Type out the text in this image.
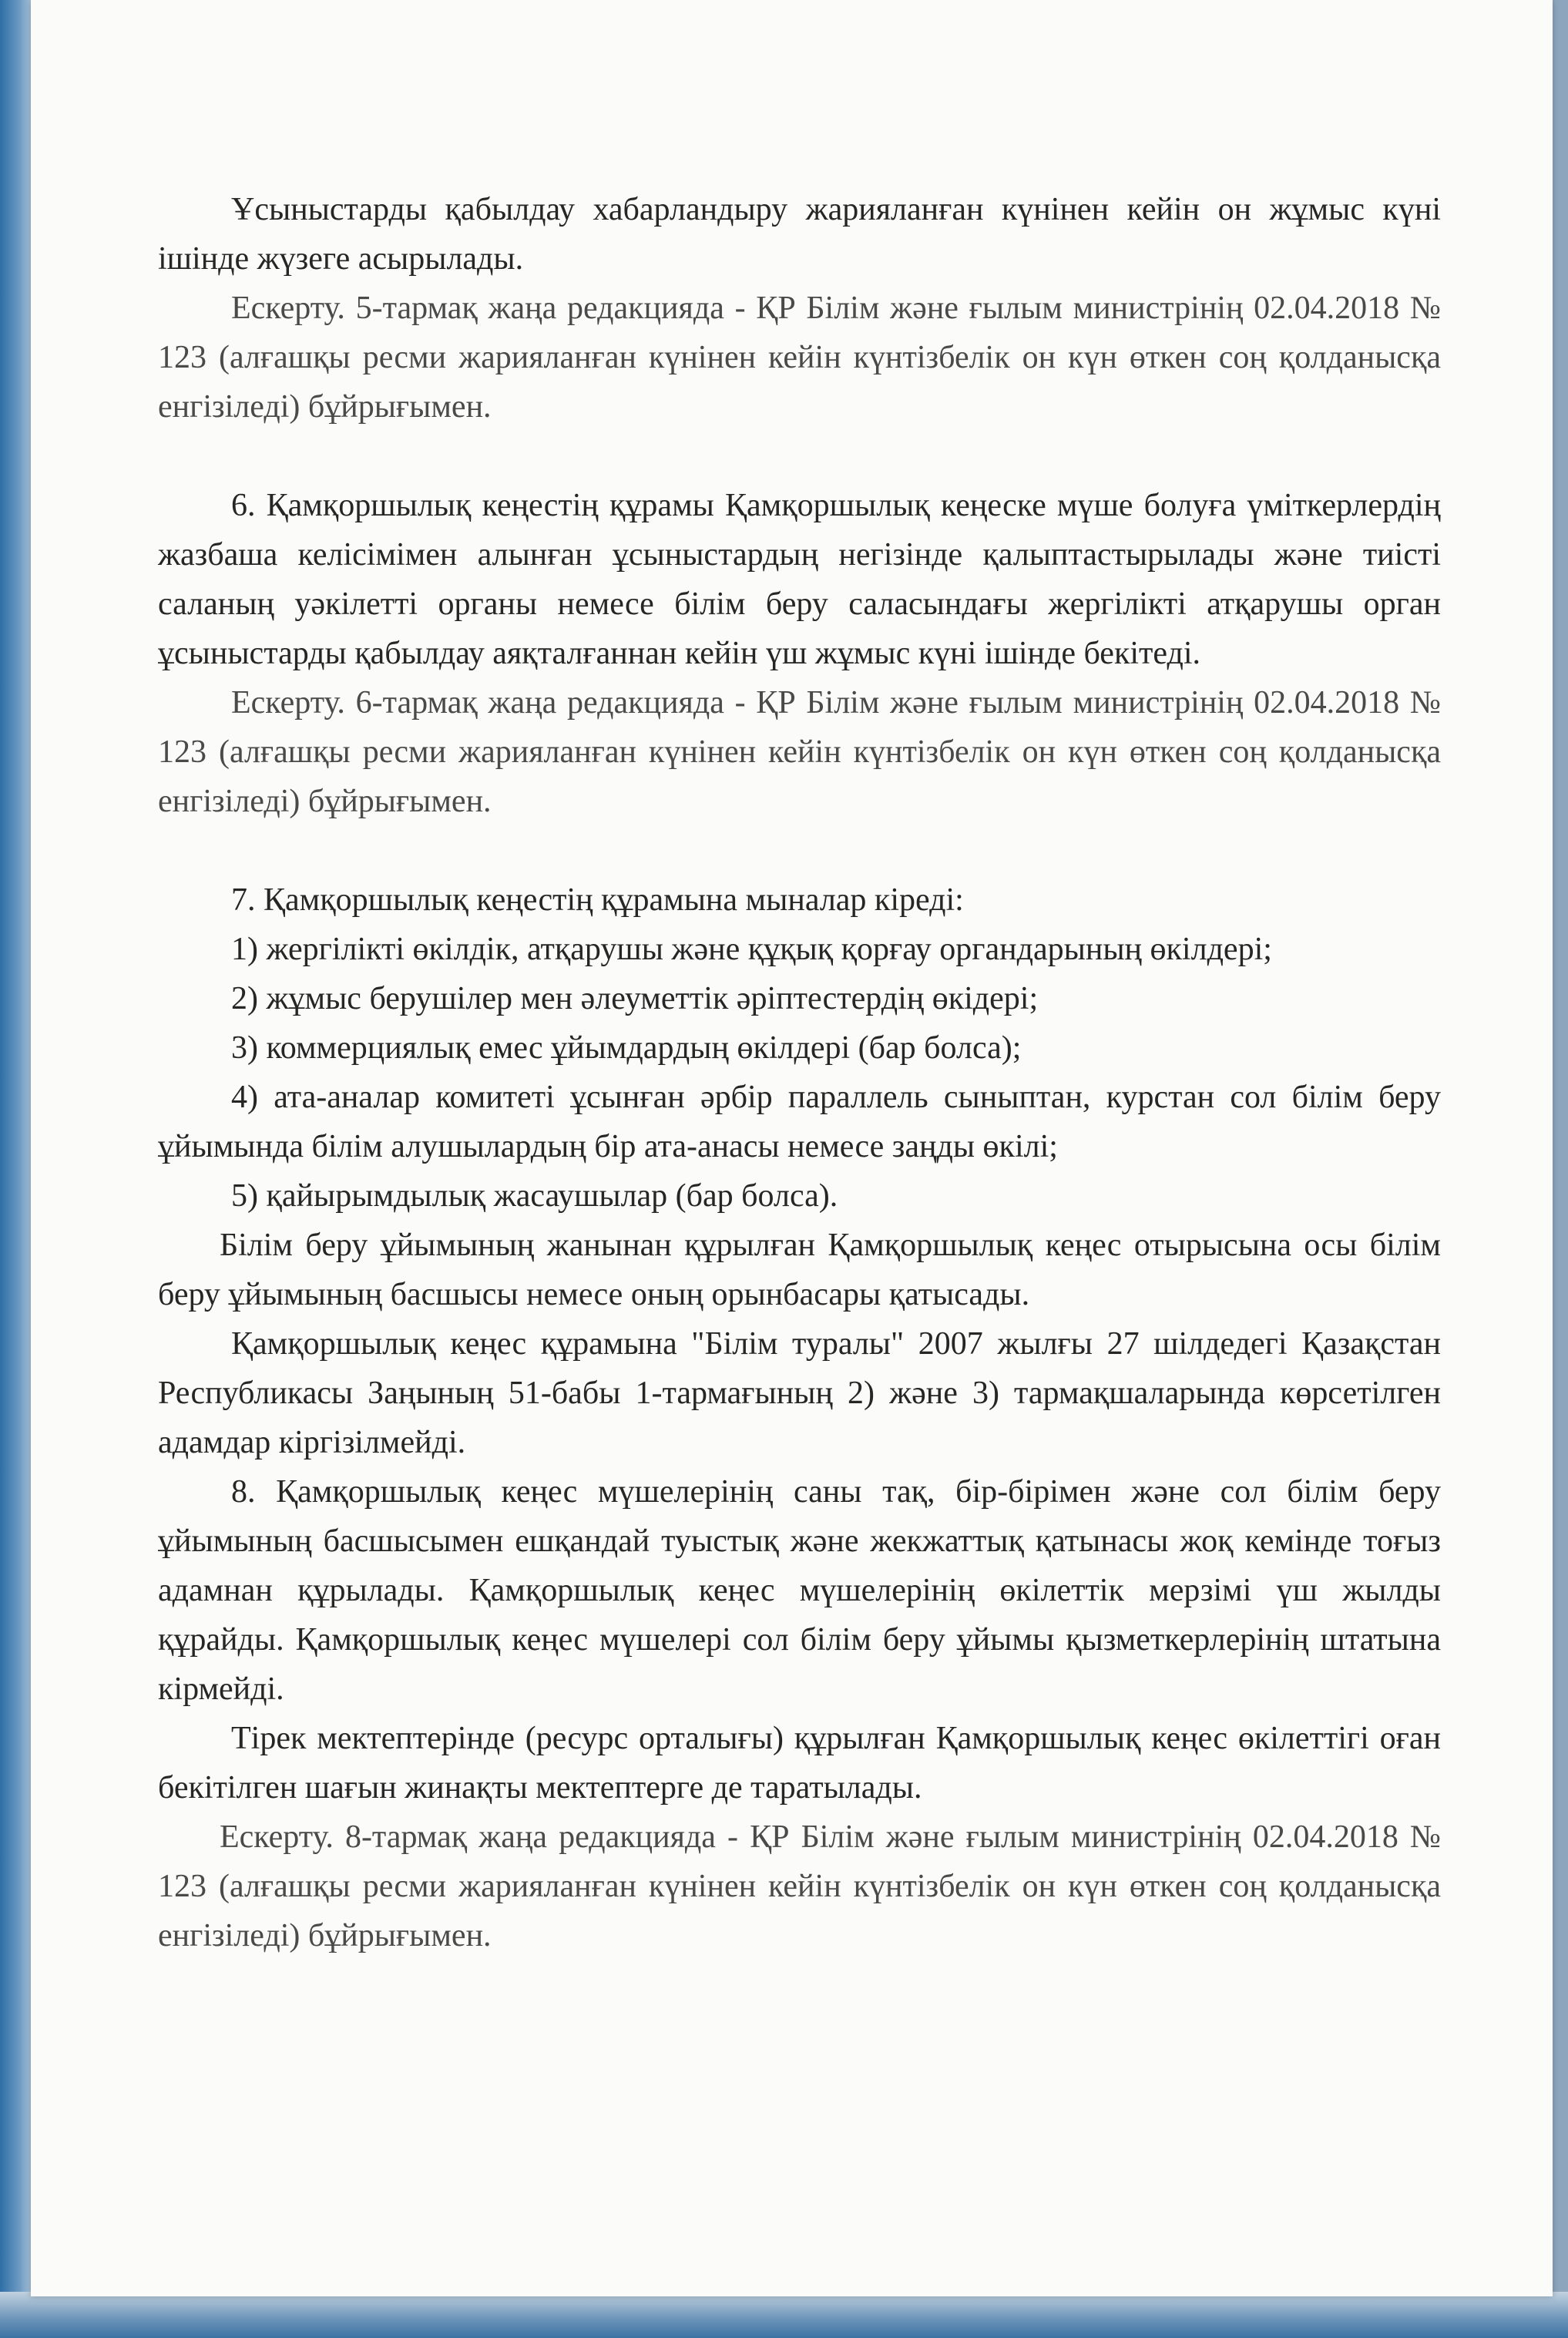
Ұсыныстарды қабылдау хабарландыру жарияланған күнінен кейін он жұмыс күні ішінде жүзеге асырылады.

Ескерту. 5-тармақ жаңа редакцияда - ҚР Білім және ғылым министрінің 02.04.2018 № 123 (алғашқы ресми жарияланған күнінен кейін күнтізбелік он күн өткен соң қолданысқа енгізіледі) бұйрығымен.

6. Қамқоршылық кеңестің құрамы Қамқоршылық кеңеске мүше болуға үміткерлердің жазбаша келісімімен алынған ұсыныстардың негізінде қалыптастырылады және тиісті саланың уәкілетті органы немесе білім беру саласындағы жергілікті атқарушы орган ұсыныстарды қабылдау аяқталғаннан кейін үш жұмыс күні ішінде бекітеді.

Ескерту. 6-тармақ жаңа редакцияда - ҚР Білім және ғылым министрінің 02.04.2018 № 123 (алғашқы ресми жарияланған күнінен кейін күнтізбелік он күн өткен соң қолданысқа енгізіледі) бұйрығымен.

7. Қамқоршылық кеңестің құрамына мыналар кіреді:

1) жергілікті өкілдік, атқарушы және құқық қорғау органдарының өкілдері;

2) жұмыс берушілер мен әлеуметтік әріптестердің өкідері;

3) коммерциялық емес ұйымдардың өкілдері (бар болса);

4) ата-аналар комитеті ұсынған әрбір параллель сыныптан, курстан сол білім беру ұйымында білім алушылардың бір ата-анасы немесе заңды өкілі;

5) қайырымдылық жасаушылар (бар болса).

Білім беру ұйымының жанынан құрылған Қамқоршылық кеңес отырысына осы білім беру ұйымының басшысы немесе оның орынбасары қатысады.

Қамқоршылық кеңес құрамына "Білім туралы" 2007 жылғы 27 шілдедегі Қазақстан Республикасы Заңының 51-бабы 1-тармағының 2) және 3) тармақшаларында көрсетілген адамдар кіргізілмейді.

8. Қамқоршылық кеңес мүшелерінің саны тақ, бір-бірімен және сол білім беру ұйымының басшысымен ешқандай туыстық және жекжаттық қатынасы жоқ кемінде тоғыз адамнан құрылады. Қамқоршылық кеңес мүшелерінің өкілеттік мерзімі үш жылды құрайды. Қамқоршылық кеңес мүшелері сол білім беру ұйымы қызметкерлерінің штатына кірмейді.

Тірек мектептерінде (ресурс орталығы) құрылған Қамқоршылық кеңес өкілеттігі оған бекітілген шағын жинақты мектептерге де таратылады.

Ескерту. 8-тармақ жаңа редакцияда - ҚР Білім және ғылым министрінің 02.04.2018 № 123 (алғашқы ресми жарияланған күнінен кейін күнтізбелік он күн өткен соң қолданысқа енгізіледі) бұйрығымен.
